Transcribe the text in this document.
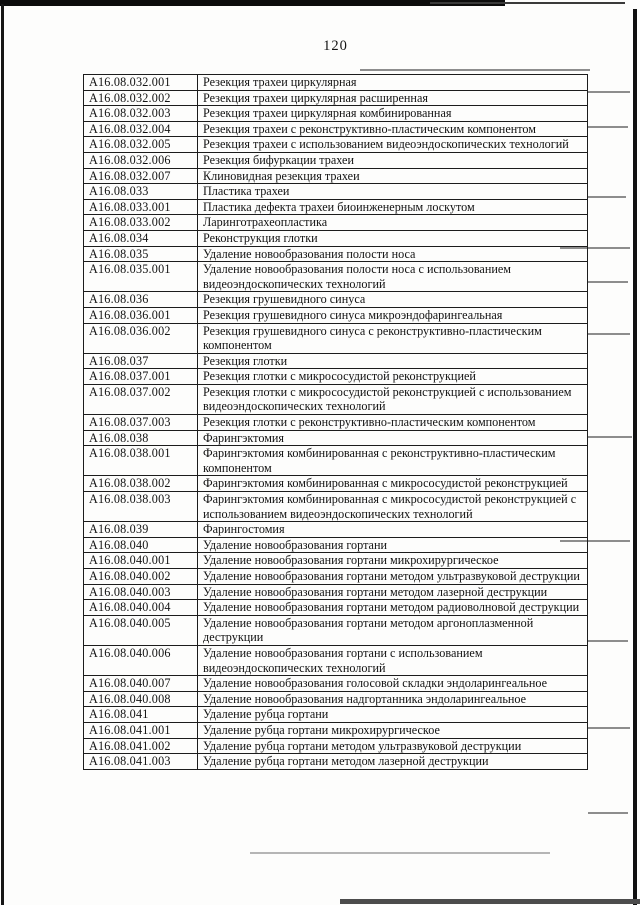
120
А16.08.032.001	Резекция трахеи циркулярная
А16.08.032.002	Резекция трахеи циркулярная расширенная
А16.08.032.003	Резекция трахеи циркулярная комбинированная
А16.08.032.004	Резекция трахеи с реконструктивно-пластическим компонентом
А16.08.032.005	Резекция трахеи с использованием видеоэндоскопических технологий
А16.08.032.006	Резекция бифуркации трахеи
А16.08.032.007	Клиновидная резекция трахеи
А16.08.033	Пластика трахеи
А16.08.033.001	Пластика дефекта трахеи биоинженерным лоскутом
А16.08.033.002	Ларинготрахеопластика
А16.08.034	Реконструкция глотки
А16.08.035	Удаление новообразования полости носа
А16.08.035.001	Удаление новообразования полости носа с использованием видеоэндоскопических технологий
А16.08.036	Резекция грушевидного синуса
А16.08.036.001	Резекция грушевидного синуса микроэндофарингеальная
А16.08.036.002	Резекция грушевидного синуса с реконструктивно-пластическим компонентом
А16.08.037	Резекция глотки
А16.08.037.001	Резекция глотки с микрососудистой реконструкцией
А16.08.037.002	Резекция глотки с микрососудистой реконструкцией с использованием видеоэндоскопических технологий
А16.08.037.003	Резекция глотки с реконструктивно-пластическим компонентом
А16.08.038	Фарингэктомия
А16.08.038.001	Фарингэктомия комбинированная с реконструктивно-пластическим компонентом
А16.08.038.002	Фарингэктомия комбинированная с микрососудистой реконструкцией
А16.08.038.003	Фарингэктомия комбинированная с микрососудистой реконструкцией с использованием видеоэндоскопических технологий
А16.08.039	Фарингостомия
А16.08.040	Удаление новообразования гортани
А16.08.040.001	Удаление новообразования гортани микрохирургическое
А16.08.040.002	Удаление новообразования гортани методом ультразвуковой деструкции
А16.08.040.003	Удаление новообразования гортани методом лазерной деструкции
А16.08.040.004	Удаление новообразования гортани методом радиоволновой деструкции
А16.08.040.005	Удаление новообразования гортани методом аргоноплазменной деструкции
А16.08.040.006	Удаление новообразования гортани с использованием видеоэндоскопических технологий
А16.08.040.007	Удаление новообразования голосовой складки эндоларингеальное
А16.08.040.008	Удаление новообразования надгортанника эндоларингеальное
А16.08.041	Удаление рубца гортани
А16.08.041.001	Удаление рубца гортани микрохирургическое
А16.08.041.002	Удаление рубца гортани методом ультразвуковой деструкции
А16.08.041.003	Удаление рубца гортани методом лазерной деструкции
